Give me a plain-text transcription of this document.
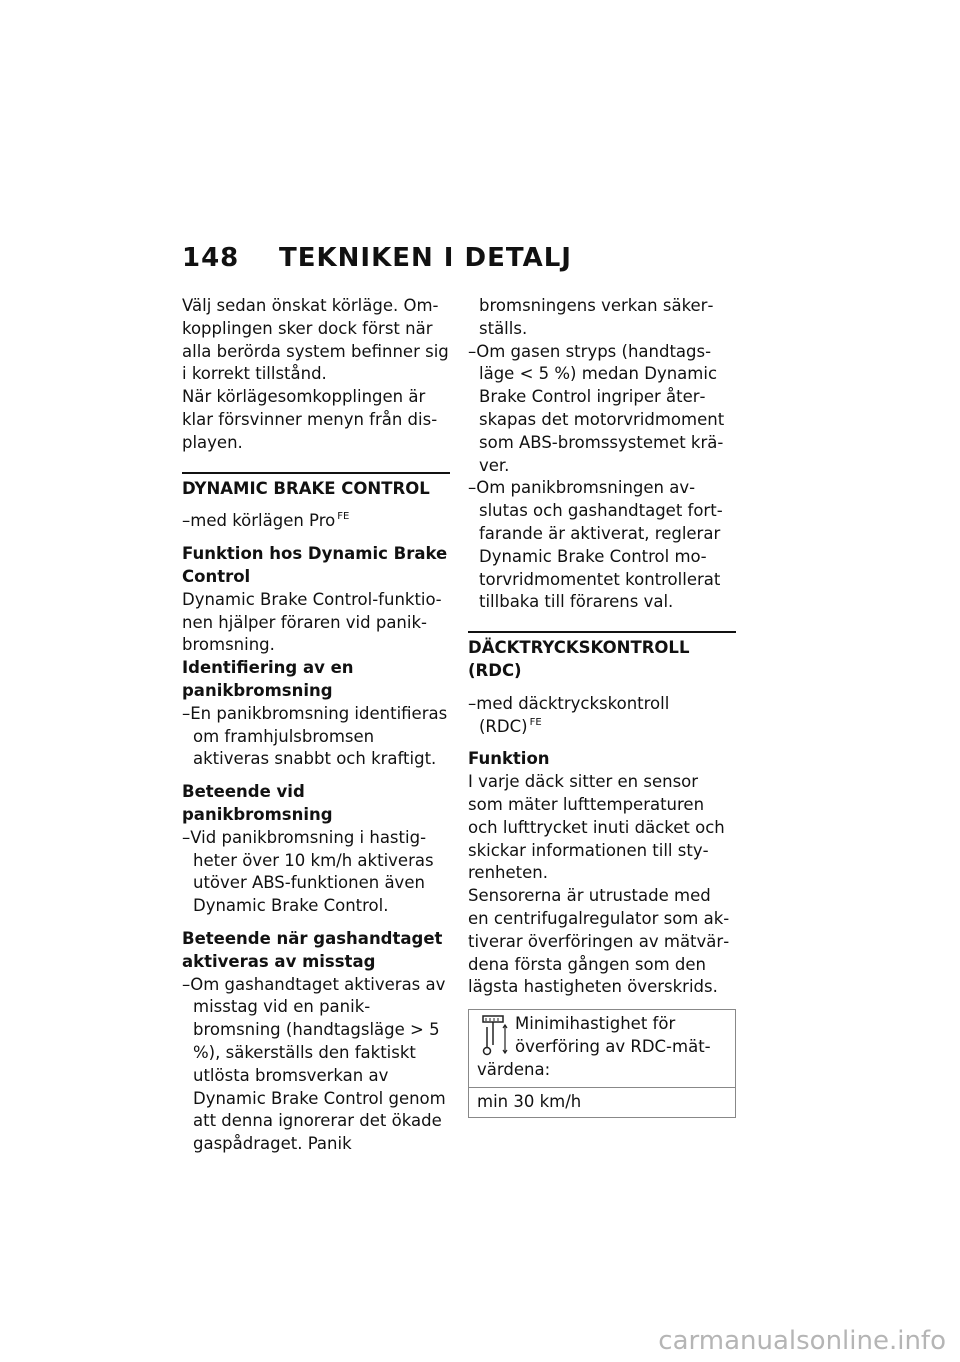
148	TEKNIKEN I DETALJ

Välj sedan önskat körläge. Omkopplingen sker dock först när alla berörda system befinner sig i korrekt tillstånd.

När körlägesomkopplingen är klar försvinner menyn från displayen.

DYNAMIC BRAKE CONTROL

–med körlägen Pro $^{FE}$

Funktion hos Dynamic Brake Control

Dynamic Brake Control-funktionen hjälper föraren vid panikbromsning.

Identifiering av en panikbromsning

–En panikbromsning identifieras om framhjulsbromsen aktiveras snabbt och kraftigt.

Beteende vid panikbromsning

–Vid panikbromsning i hastigheter över 10 km/h aktiveras utöver ABS-funktionen även Dynamic Brake Control.

Beteende när gashandtaget aktiveras av misstag

–Om gashandtaget aktiveras av misstag vid en panikbromsning (handtagsläge > 5 %), säkerställs den faktiskt utlösta bromsverkan av Dynamic Brake Control genom att denna ignorerar det ökade gaspådraget. Panik

bromsningens verkan säkerställs.

–Om gasen stryps (handtagsläge < 5 %) medan Dynamic Brake Control ingriper återskapas det motorvridmoment som ABS-bromssystemet kräver.

–Om panikbromsningen avslutas och gashandtaget fortfarande är aktiverat, reglerar Dynamic Brake Control motorvridmomentet kontrollerat tillbaka till förarens val.

DÄCKTRYCKSKONTROLL (RDC)

–med däcktryckskontroll (RDC) $^{FE}$

Funktion

I varje däck sitter en sensor som mäter lufttemperaturen och lufttrycket inuti däcket och skickar informationen till styrenheten.

Sensorerna är utrustade med en centrifugalregulator som aktiverar överföringen av mätvärdena första gången som den lägsta hastigheten överskrids.

Minimihastighet för överföring av RDC-mätvärdena:
min 30 km/h
carmanualsonline.info
